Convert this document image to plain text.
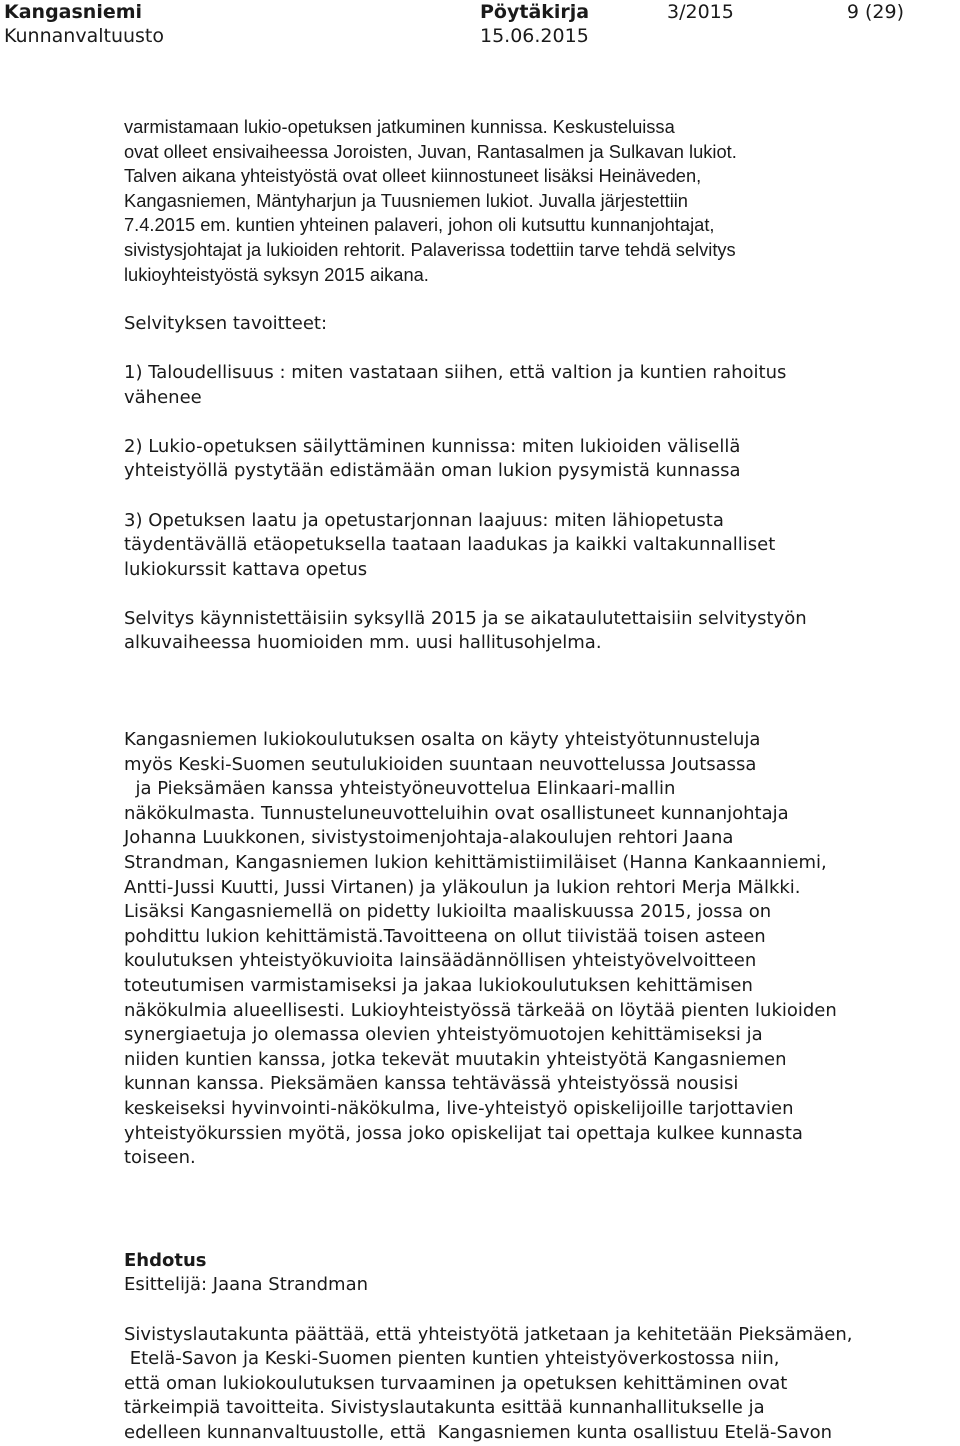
Kangasniemi
Kunnanvaltuusto
Pöytäkirja
15.06.2015
3/2015	9 (29)

varmistamaan lukio-opetuksen jatkuminen kunnissa. Keskusteluissa

ovat olleet ensivaiheessa Joroisten, Juvan, Rantasalmen ja Sulkavan lukiot.

Talven aikana yhteistyöstä ovat olleet kiinnostuneet lisäksi Heinäveden,

Kangasniemen, Mäntyharjun ja Tuusniemen lukiot. Juvalla järjestettiin

7.4.2015 em. kuntien yhteinen palaveri, johon oli kutsuttu kunnanjohtajat,

sivistysjohtajat ja lukioiden rehtorit. Palaverissa todettiin tarve tehdä selvitys

lukioyhteistyöstä syksyn 2015 aikana.

Selvityksen tavoitteet:

1) Taloudellisuus : miten vastataan siihen, että valtion ja kuntien rahoitus

vähenee

2) Lukio-opetuksen säilyttäminen kunnissa: miten lukioiden välisellä

yhteistyöllä pystytään edistämään oman lukion pysymistä kunnassa

3) Opetuksen laatu ja opetustarjonnan laajuus: miten lähiopetusta

täydentävällä etäopetuksella taataan laadukas ja kaikki valtakunnalliset

lukiokurssit kattava opetus

Selvitys käynnistettäisiin syksyllä 2015 ja se aikataulutettaisiin selvitystyön

alkuvaiheessa huomioiden mm. uusi hallitusohjelma.

Kangasniemen lukiokoulutuksen osalta on käyty yhteistyötunnusteluja

myös Keski-Suomen seutulukioiden suuntaan neuvottelussa Joutsassa

ja Pieksämäen kanssa yhteistyöneuvottelua Elinkaari-mallin

näkökulmasta. Tunnusteluneuvotteluihin ovat osallistuneet kunnanjohtaja

Johanna Luukkonen, sivistystoimenjohtaja-alakoulujen rehtori Jaana

Strandman, Kangasniemen lukion kehittämistiimiläiset (Hanna Kankaanniemi,

Antti-Jussi Kuutti, Jussi Virtanen) ja yläkoulun ja lukion rehtori Merja Mälkki.

Lisäksi Kangasniemellä on pidetty lukioilta maaliskuussa 2015, jossa on

pohdittu lukion kehittämistä.Tavoitteena on ollut tiivistää toisen asteen

koulutuksen yhteistyökuvioita lainsäädännöllisen yhteistyövelvoitteen

toteutumisen varmistamiseksi ja jakaa lukiokoulutuksen kehittämisen

näkökulmia alueellisesti. Lukioyhteistyössä tärkeää on löytää pienten lukioiden

synergiaetuja jo olemassa olevien yhteistyömuotojen kehittämiseksi ja

niiden kuntien kanssa, jotka tekevät muutakin yhteistyötä Kangasniemen

kunnan kanssa. Pieksämäen kanssa tehtävässä yhteistyössä nousisi

keskeiseksi hyvinvointi-näkökulma, live-yhteistyö opiskelijoille tarjottavien

yhteistyökurssien myötä, jossa joko opiskelijat tai opettaja kulkee kunnasta

toiseen.

Ehdotus

Esittelijä: Jaana Strandman

Sivistyslautakunta päättää, että yhteistyötä jatketaan ja kehitetään Pieksämäen,

Etelä-Savon ja Keski-Suomen pienten kuntien yhteistyöverkostossa niin,

että oman lukiokoulutuksen turvaaminen ja opetuksen kehittäminen ovat

tärkeimpiä tavoitteita. Sivistyslautakunta esittää kunnanhallitukselle ja

edelleen kunnanvaltuustolle, että  Kangasniemen kunta osallistuu Etelä-Savon
